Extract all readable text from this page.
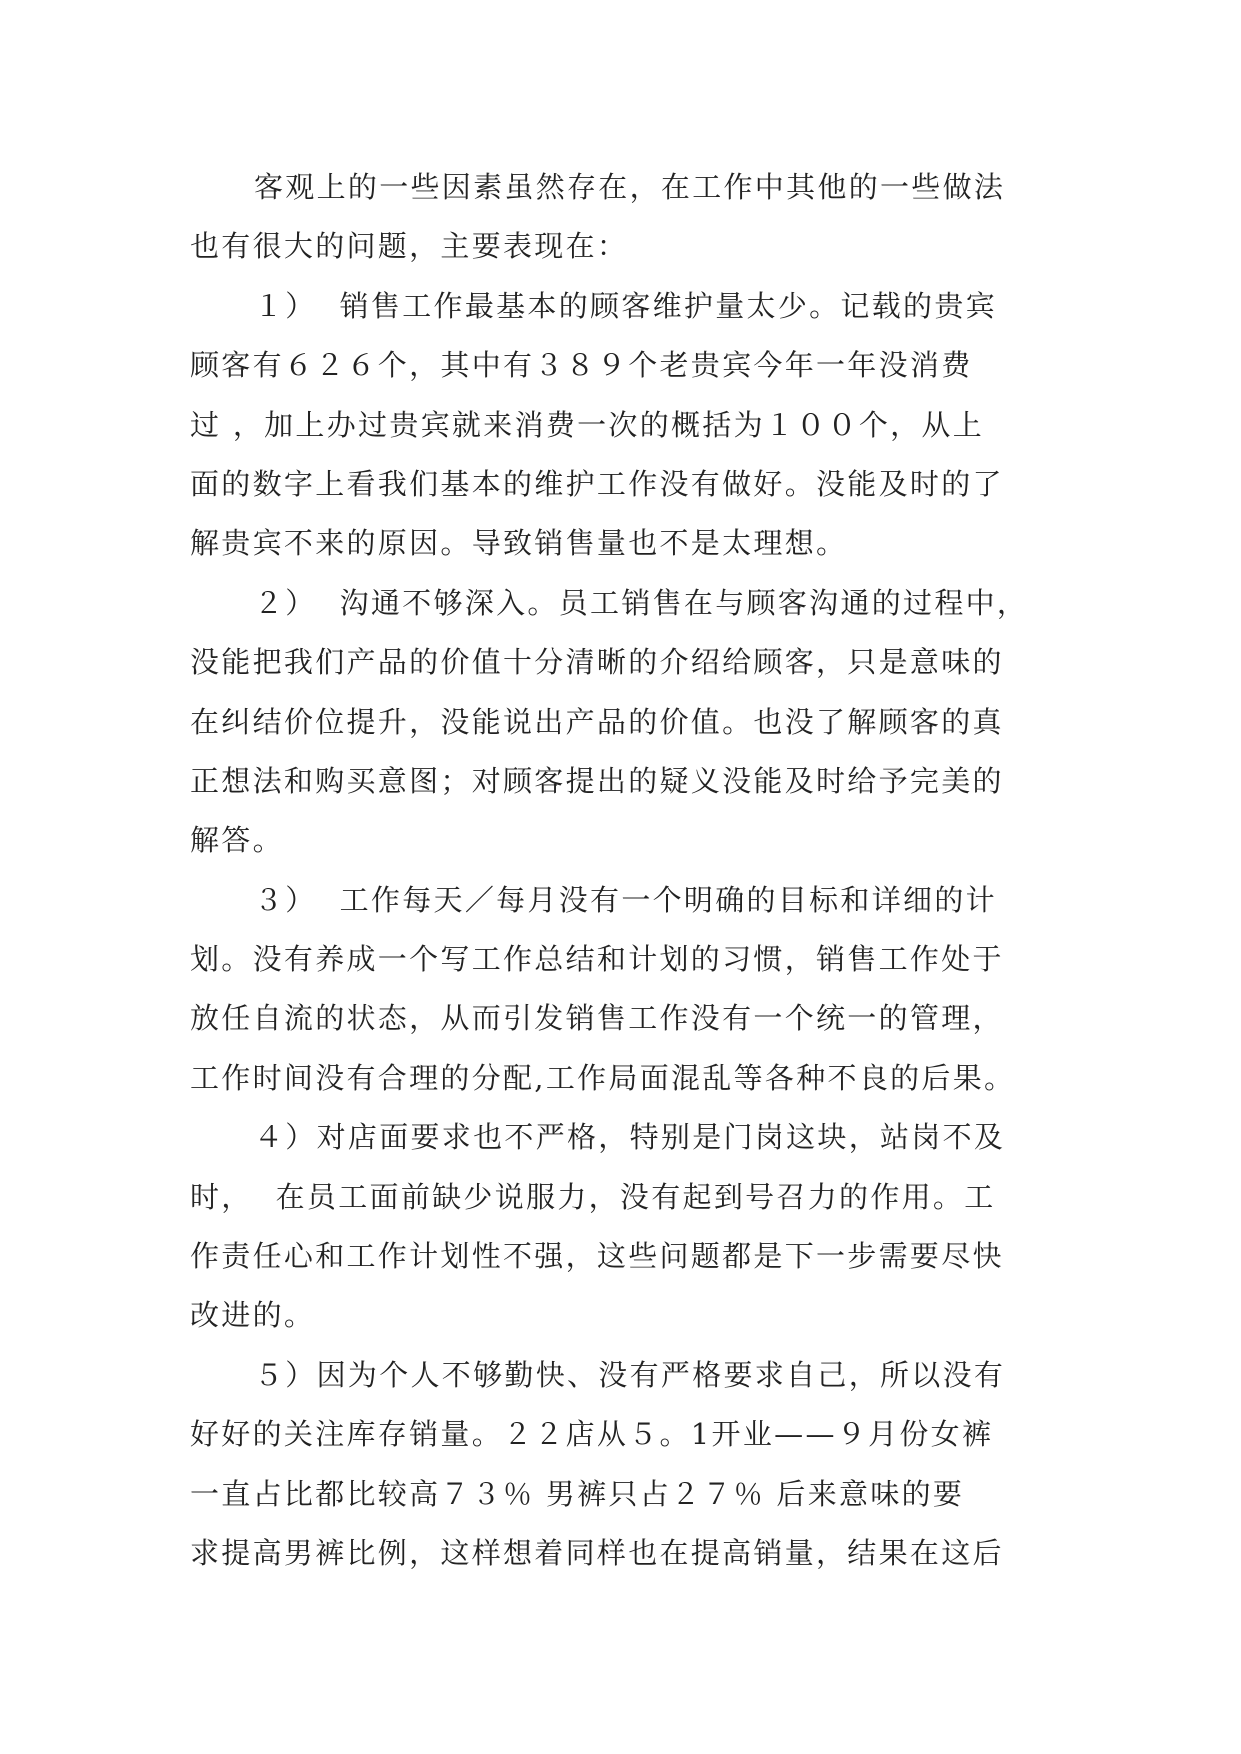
客观上的一些因素虽然存在，在工作中其他的一些做法
也有很大的问题，主要表现在：
１）  销售工作最基本的顾客维护量太少。记载的贵宾
顾客有６２６个，其中有３８９个老贵宾今年一年没消费
过 ，加上办过贵宾就来消费一次的概括为１００个，从上
面的数字上看我们基本的维护工作没有做好。没能及时的了
解贵宾不来的原因。导致销售量也不是太理想。
２）  沟通不够深入。员工销售在与顾客沟通的过程中，
没能把我们产品的价值十分清晰的介绍给顾客，只是意味的
在纠结价位提升，没能说出产品的价值。也没了解顾客的真
正想法和购买意图；对顾客提出的疑义没能及时给予完美的
解答。
３）  工作每天／每月没有一个明确的目标和详细的计
划。没有养成一个写工作总结和计划的习惯，销售工作处于
放任自流的状态，从而引发销售工作没有一个统一的管理，
工作时间没有合理的分配,工作局面混乱等各种不良的后果。
４）对店面要求也不严格，特别是门岗这块，站岗不及
时，  在员工面前缺少说服力，没有起到号召力的作用。工
作责任心和工作计划性不强，这些问题都是下一步需要尽快
改进的。
５）因为个人不够勤快、没有严格要求自己，所以没有
好好的关注库存销量。２２店从５。1开业——９月份女裤
一直占比都比较高７３％ 男裤只占２７％ 后来意味的要
求提高男裤比例，这样想着同样也在提高销量，结果在这后
